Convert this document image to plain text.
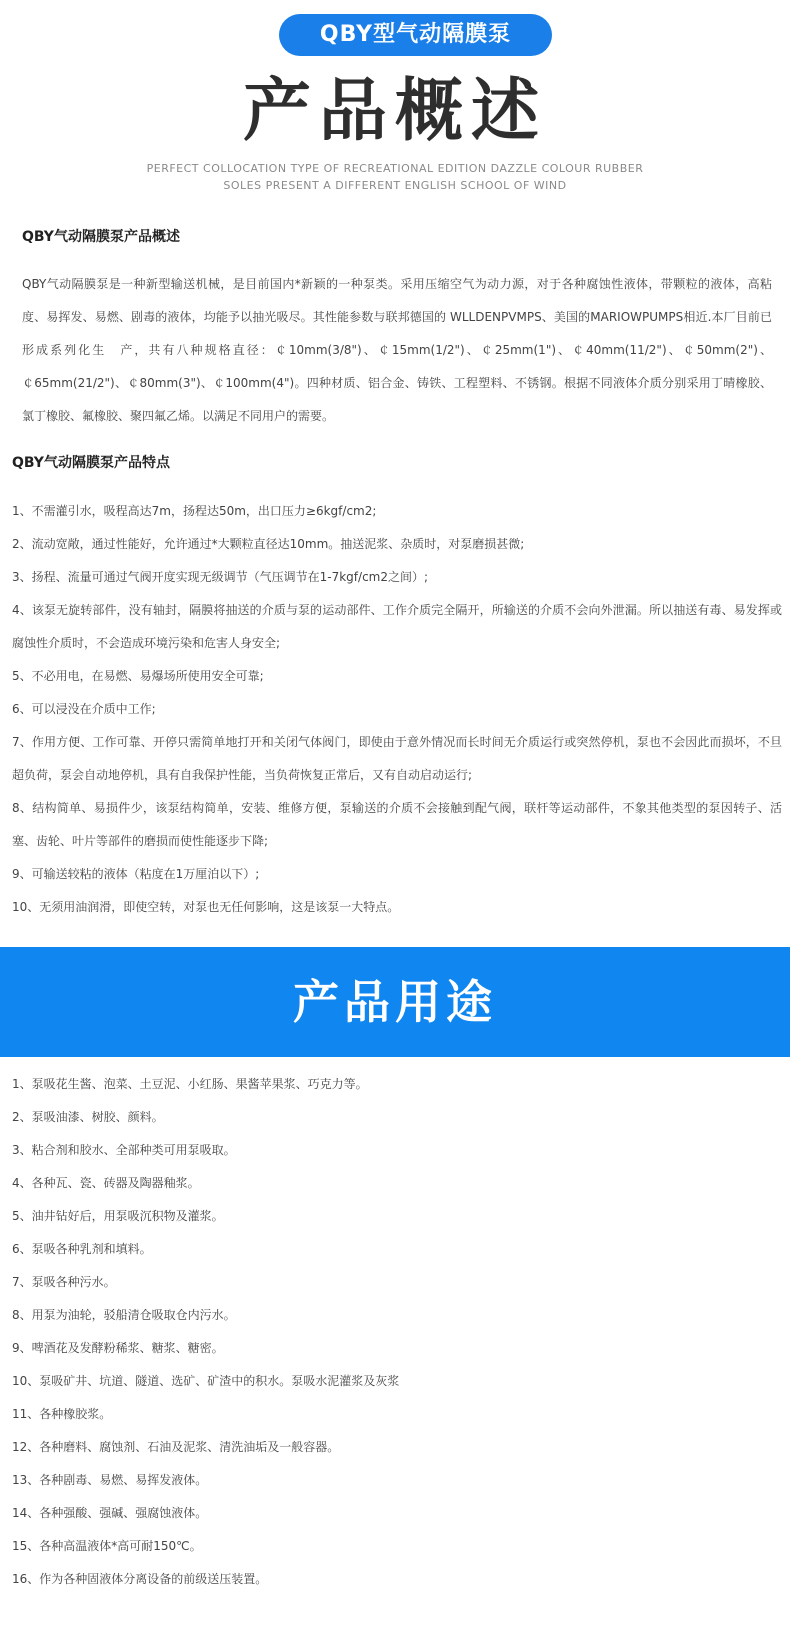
QBY型气动隔膜泵
产品概述
PERFECT COLLOCATION TYPE OF RECREATIONAL EDITION DAZZLE COLOUR RUBBER
SOLES PRESENT A DIFFERENT ENGLISH SCHOOL OF WIND
QBY气动隔膜泵产品概述

QBY气动隔膜泵是一种新型输送机械，是目前国内*新颖的一种泵类。采用压缩空气为动力源，对于各种腐蚀性液体，带颗粒的液体，高粘度、易挥发、易燃、剧毒的液体，均能予以抽光吸尽。其性能参数与联邦德国的 WLLDENPVMPS、美国的MARIOWPUMPS相近.本厂目前已形成系列化生　产，共有八种规格直径：￠10mm(3/8")、￠15mm(1/2")、￠25mm(1")、￠40mm(11/2")、￠50mm(2")、￠65mm(21/2")、￠80mm(3")、￠100mm(4")。四种材质、铝合金、铸铁、工程塑料、不锈钢。根据不同液体介质分别采用丁晴橡胶、氯丁橡胶、氟橡胶、聚四氟乙烯。以满足不同用户的需要。

QBY气动隔膜泵产品特点
1、不需灌引水，吸程高达7m，扬程达50m，出口压力≥6kgf/cm2;
2、流动宽敞，通过性能好，允许通过*大颗粒直径达10mm。抽送泥浆、杂质时，对泵磨损甚微;
3、扬程、流量可通过气阀开度实现无级调节（气压调节在1-7kgf/cm2之间）;
4、该泵无旋转部件，没有轴封，隔膜将抽送的介质与泵的运动部件、工作介质完全隔开，所输送的介质不会向外泄漏。所以抽送有毒、易发挥或腐蚀性介质时，不会造成环境污染和危害人身安全;
5、不必用电，在易燃、易爆场所使用安全可靠;
6、可以浸没在介质中工作;
7、作用方便、工作可靠、开停只需简单地打开和关闭气体阀门，即使由于意外情况而长时间无介质运行或突然停机，泵也不会因此而损坏，不旦超负荷，泵会自动地停机，具有自我保护性能，当负荷恢复正常后，又有自动启动运行;
8、结构简单、易损件少，该泵结构简单，安装、维修方便，泵输送的介质不会接触到配气阀，联杆等运动部件，不象其他类型的泵因转子、活塞、齿轮、叶片等部件的磨损而使性能逐步下降;
9、可输送较粘的液体（粘度在1万厘泊以下）;
10、无须用油润滑，即使空转，对泵也无任何影响，这是该泵一大特点。
产品用途
1、泵吸花生酱、泡菜、土豆泥、小红肠、果酱苹果浆、巧克力等。
2、泵吸油漆、树胶、颜料。
3、粘合剂和胶水、全部种类可用泵吸取。
4、各种瓦、瓷、砖器及陶器釉浆。
5、油井钻好后，用泵吸沉积物及灌浆。
6、泵吸各种乳剂和填料。
7、泵吸各种污水。
8、用泵为油轮，驳船清仓吸取仓内污水。
9、啤酒花及发酵粉稀浆、糖浆、糖密。
10、泵吸矿井、坑道、隧道、选矿、矿渣中的积水。泵吸水泥灌浆及灰浆
11、各种橡胶浆。
12、各种磨料、腐蚀剂、石油及泥浆、清洗油垢及一般容器。
13、各种剧毒、易燃、易挥发液体。
14、各种强酸、强碱、强腐蚀液体。
15、各种高温液体*高可耐150℃。
16、作为各种固液体分离设备的前级送压装置。
